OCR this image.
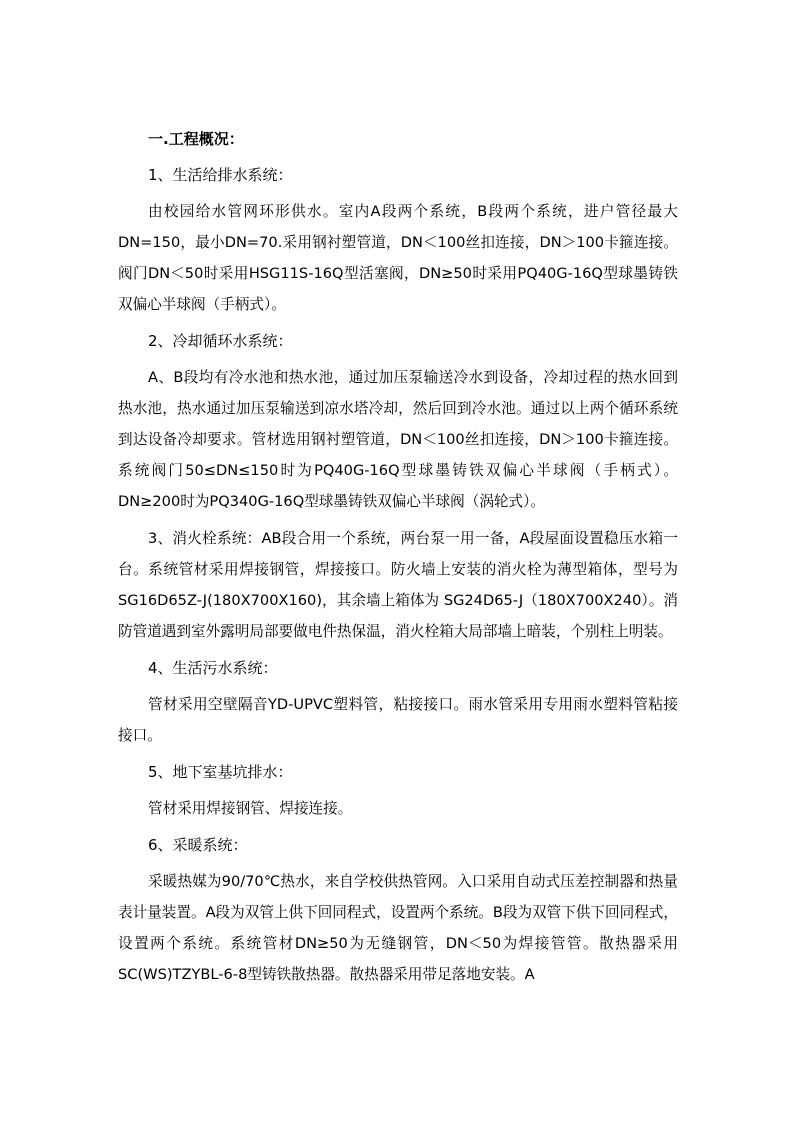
一.工程概况：
1、生活给排水系统：

由校园给水管网环形供水。室内A段两个系统，B段两个系统，进户管径最大DN=150，最小DN=70.采用钢衬塑管道，DN＜100丝扣连接，DN＞100卡箍连接。阀门DN＜50时采用HSG11S-16Q型活塞阀，DN≥50时采用PQ40G-16Q型球墨铸铁双偏心半球阀（手柄式）。

2、冷却循环水系统：

A、B段均有冷水池和热水池，通过加压泵输送冷水到设备，冷却过程的热水回到热水池，热水通过加压泵输送到凉水塔冷却，然后回到冷水池。通过以上两个循环系统到达设备冷却要求。管材选用钢衬塑管道，DN＜100丝扣连接，DN＞100卡箍连接。系统阀门50≤DN≤150时为PQ40G-16Q型球墨铸铁双偏心半球阀（手柄式）。DN≥200时为PQ340G-16Q型球墨铸铁双偏心半球阀（涡轮式）。

3、消火栓系统：AB段合用一个系统，两台泵一用一备，A段屋面设置稳压水箱一台。系统管材采用焊接钢管，焊接接口。防火墙上安装的消火栓为薄型箱体，型号为 SG16D65Z-J(180X700X160)，其余墙上箱体为 SG24D65-J（180X700X240）。消防管道遇到室外露明局部要做电件热保温，消火栓箱大局部墙上暗装，个别柱上明装。

4、生活污水系统：

管材采用空壁隔音YD-UPVC塑料管，粘接接口。雨水管采用专用雨水塑料管粘接接口。

5、地下室基坑排水：

管材采用焊接钢管、焊接连接。

6、采暖系统：

采暖热媒为90/70℃热水，来自学校供热管网。入口采用自动式压差控制器和热量表计量装置。A段为双管上供下回同程式，设置两个系统。B段为双管下供下回同程式，设置两个系统。系统管材DN≥50为无缝钢管，DN＜50为焊接管管。散热器采用SC(WS)TZYBL-6-8型铸铁散热器。散热器采用带足落地安装。A
